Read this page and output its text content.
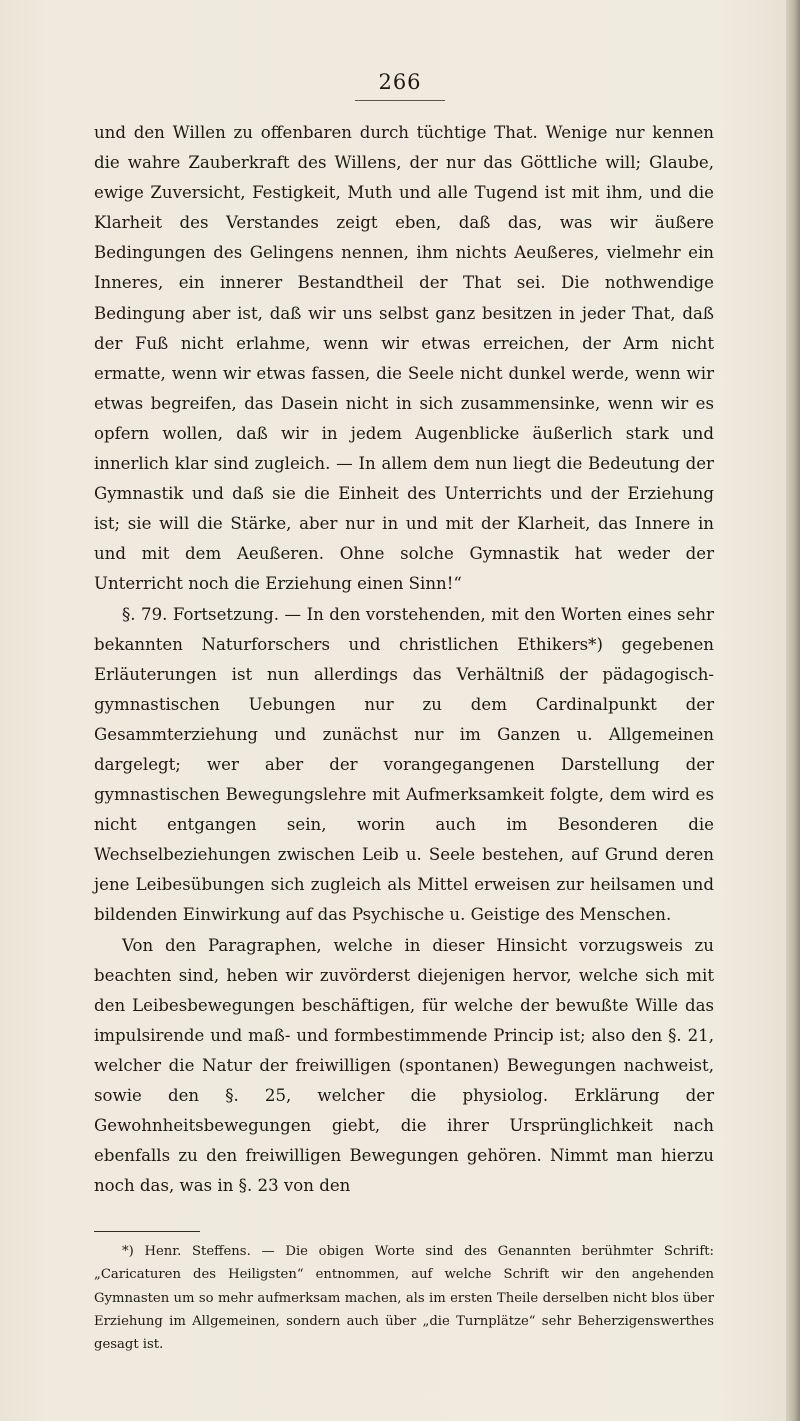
266

und den Willen zu offenbaren durch tüchtige That. Wenige nur kennen die wahre Zauberkraft des Willens, der nur das Göttliche will; Glaube, ewige Zuversicht, Festigkeit, Muth und alle Tugend ist mit ihm, und die Klarheit des Verstandes zeigt eben, daß das, was wir äußere Bedingungen des Gelingens nennen, ihm nichts Aeußeres, vielmehr ein Inneres, ein innerer Bestandtheil der That sei. Die nothwendige Bedingung aber ist, daß wir uns selbst ganz besitzen in jeder That, daß der Fuß nicht erlahme, wenn wir etwas erreichen, der Arm nicht ermatte, wenn wir etwas fassen, die Seele nicht dunkel werde, wenn wir etwas begreifen, das Dasein nicht in sich zusammensinke, wenn wir es opfern wollen, daß wir in jedem Augenblicke äußerlich stark und innerlich klar sind zugleich. — In allem dem nun liegt die Bedeutung der Gymnastik und daß sie die Einheit des Unterrichts und der Erziehung ist; sie will die Stärke, aber nur in und mit der Klarheit, das Innere in und mit dem Aeußeren. Ohne solche Gymnastik hat weder der Unterricht noch die Erziehung einen Sinn!“

§. 79. Fortsetzung. — In den vorstehenden, mit den Worten eines sehr bekannten Naturforschers und christlichen Ethikers*) gegebenen Erläuterungen ist nun allerdings das Verhältniß der pädagogisch-gymnastischen Uebungen nur zu dem Cardinalpunkt der Gesammterziehung und zunächst nur im Ganzen u. Allgemeinen dargelegt; wer aber der vorangegangenen Darstellung der gymnastischen Bewegungslehre mit Aufmerksamkeit folgte, dem wird es nicht entgangen sein, worin auch im Besonderen die Wechselbeziehungen zwischen Leib u. Seele bestehen, auf Grund deren jene Leibesübungen sich zugleich als Mittel erweisen zur heilsamen und bildenden Einwirkung auf das Psychische u. Geistige des Menschen.

Von den Paragraphen, welche in dieser Hinsicht vorzugsweis zu beachten sind, heben wir zuvörderst diejenigen hervor, welche sich mit den Leibesbewegungen beschäftigen, für welche der bewußte Wille das impulsirende und maß- und formbestimmende Princip ist; also den §. 21, welcher die Natur der freiwilligen (spontanen) Bewegungen nachweist, sowie den §. 25, welcher die physiolog. Erklärung der Gewohnheitsbewegungen giebt, die ihrer Ursprünglichkeit nach ebenfalls zu den freiwilligen Bewegungen gehören. Nimmt man hierzu noch das, was in §. 23 von den

*) Henr. Steffens. — Die obigen Worte sind des Genannten berühmter Schrift: „Caricaturen des Heiligsten“ entnommen, auf welche Schrift wir den angehenden Gymnasten um so mehr aufmerksam machen, als im ersten Theile derselben nicht blos über Erziehung im Allgemeinen, sondern auch über „die Turnplätze“ sehr Beherzigenswerthes gesagt ist.
